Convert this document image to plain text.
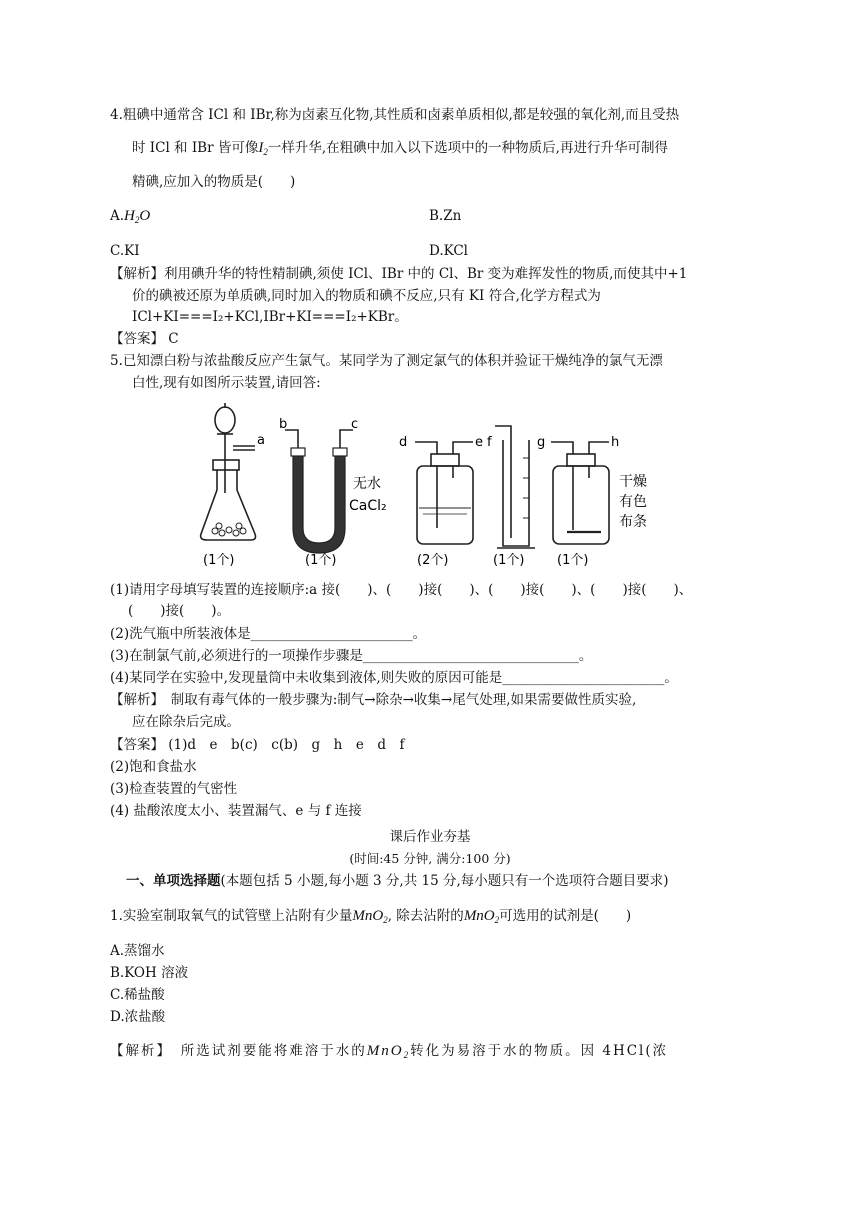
4.粗碘中通常含 ICl 和 IBr,称为卤素互化物,其性质和卤素单质相似,都是较强的氧化剂,而且受热
时 ICl 和 IBr 皆可像$I_2$一样升华,在粗碘中加入以下选项中的一种物质后,再进行升华可制得
精碘,应加入的物质是(　　)
$A.H_2O$	B.Zn
C.KI	D.KCl
【解析】利用碘升华的特性精制碘,须使 ICl、IBr 中的 Cl、Br 变为难挥发性的物质,而使其中+1
价的碘被还原为单质碘,同时加入的物质和碘不反应,只有 KI 符合,化学方程式为
ICl+KI===I₂+KCl,IBr+KI===I₂+KBr。
【答案】 C
5.已知漂白粉与浓盐酸反应产生氯气。某同学为了测定氯气的体积并验证干燥纯净的氯气无漂
白性,现有如图所示装置,请回答:
a
b	c
无水
CaCl₂
d	e f	g	h
干燥
有色
布条
(1个)	(1个)	(2个)	(1个)	(1个)
(1)请用字母填写装置的连接顺序:a 接(　　)、(　　)接(　　)、(　　)接(　　)、(　　)接(　　)、
(　　)接(　　)。
(2)洗气瓶中所装液体是________________________。
(3)在制氯气前,必须进行的一项操作步骤是________________________________。
(4)某同学在实验中,发现量筒中未收集到液体,则失败的原因可能是________________________。
【解析】　制取有毒气体的一般步骤为:制气→除杂→收集→尾气处理,如果需要做性质实验,
应在除杂后完成。
【答案】 (1)d　e　b(c)　c(b)　g　h　e　d　f
(2)饱和食盐水
(3)检查装置的气密性
(4) 盐酸浓度太小、装置漏气、e 与 f 连接
课后作业夯基
(时间:45 分钟, 满分:100 分)
一、单项选择题(本题包括 5 小题,每小题 3 分,共 15 分,每小题只有一个选项符合题目要求)
1.实验室制取氧气的试管壁上沾附有少量MnO$_2$, 除去沾附的MnO$_2$可选用的试剂是(　　)
A.蒸馏水
B.KOH 溶液
C.稀盐酸
D.浓盐酸
【解析】　所选试剂要能将难溶于水的MnO$_2$转化为易溶于水的物质。因 4HCl(浓
